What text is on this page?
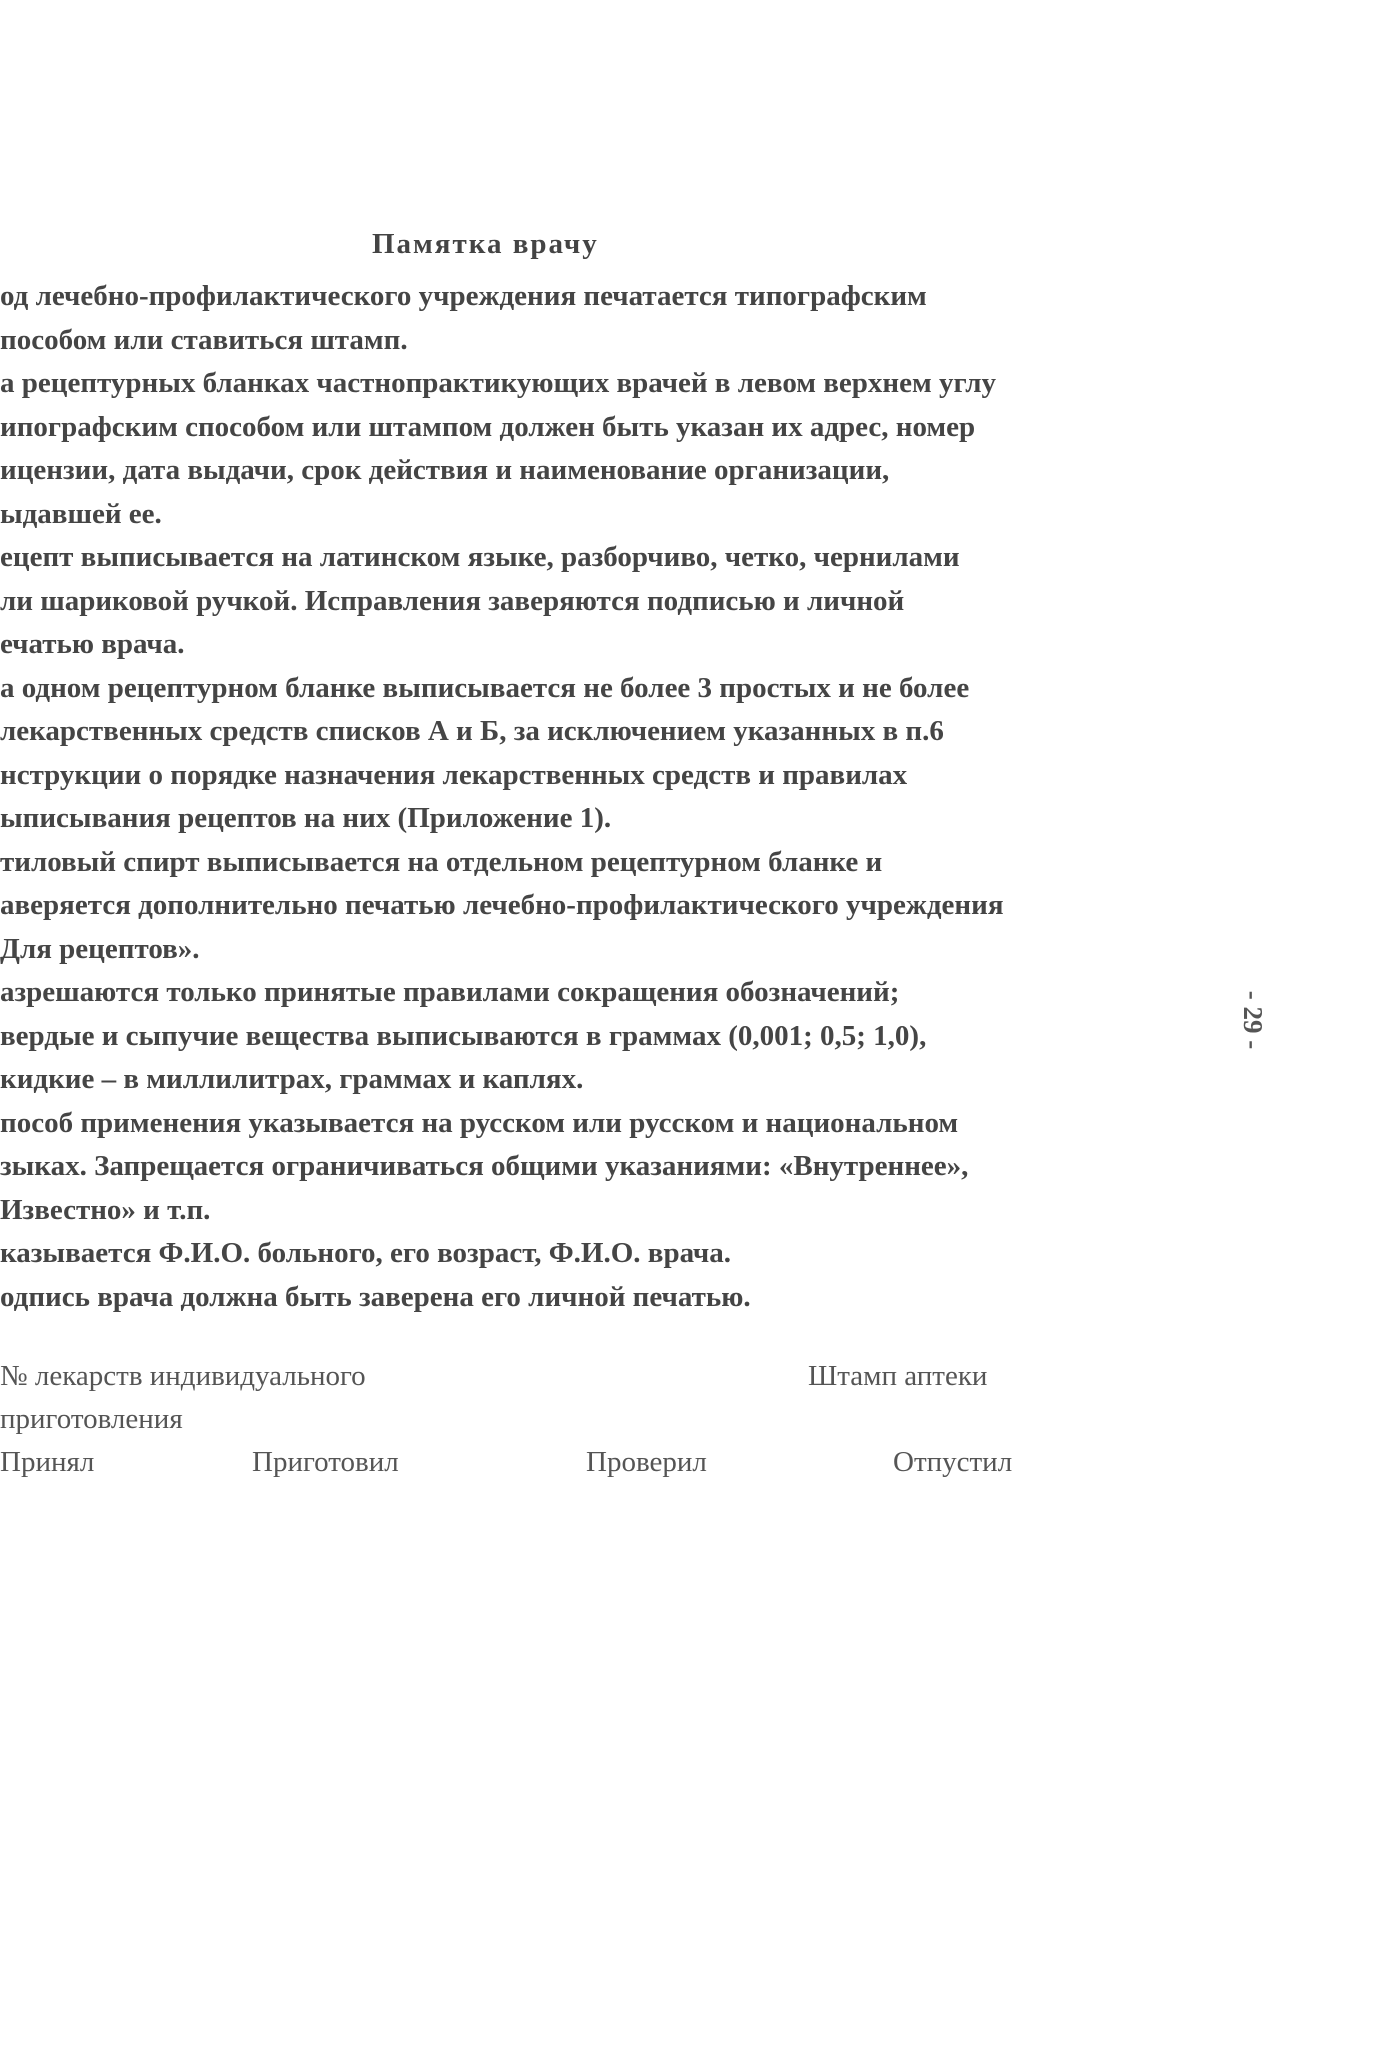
Памятка врачу
од лечебно-профилактического учреждения печатается типографским
пособом или ставиться штамп.
а рецептурных бланках частнопрактикующих врачей в левом верхнем углу
ипографским способом или штампом должен быть указан их адрес, номер
ицензии, дата выдачи, срок действия и наименование организации,
ыдавшей ее.
ецепт выписывается на латинском языке, разборчиво, четко, чернилами
ли шариковой ручкой. Исправления заверяются подписью и личной
ечатью врача.
а одном рецептурном бланке выписывается не более 3 простых и не более
лекарственных средств списков А и Б, за исключением указанных в п.6
нструкции о порядке назначения лекарственных средств и правилах
ыписывания рецептов на них (Приложение 1).
тиловый спирт выписывается на отдельном рецептурном бланке и
аверяется дополнительно печатью лечебно-профилактического учреждения
Для рецептов».
азрешаются только принятые правилами сокращения обозначений;
вердые и сыпучие вещества выписываются в граммах (0,001; 0,5; 1,0),
кидкие – в миллилитрах, граммах и каплях.
пособ применения указывается на русском или русском и национальном
зыках. Запрещается ограничиваться общими указаниями: «Внутреннее»,
Известно» и т.п.
казывается Ф.И.О. больного, его возраст, Ф.И.О. врача.
одпись врача должна быть заверена его личной печатью.
- 29 -
№ лекарств индивидуального	Штамп аптеки
приготовления
Принял	Приготовил	Проверил	Отпустил
